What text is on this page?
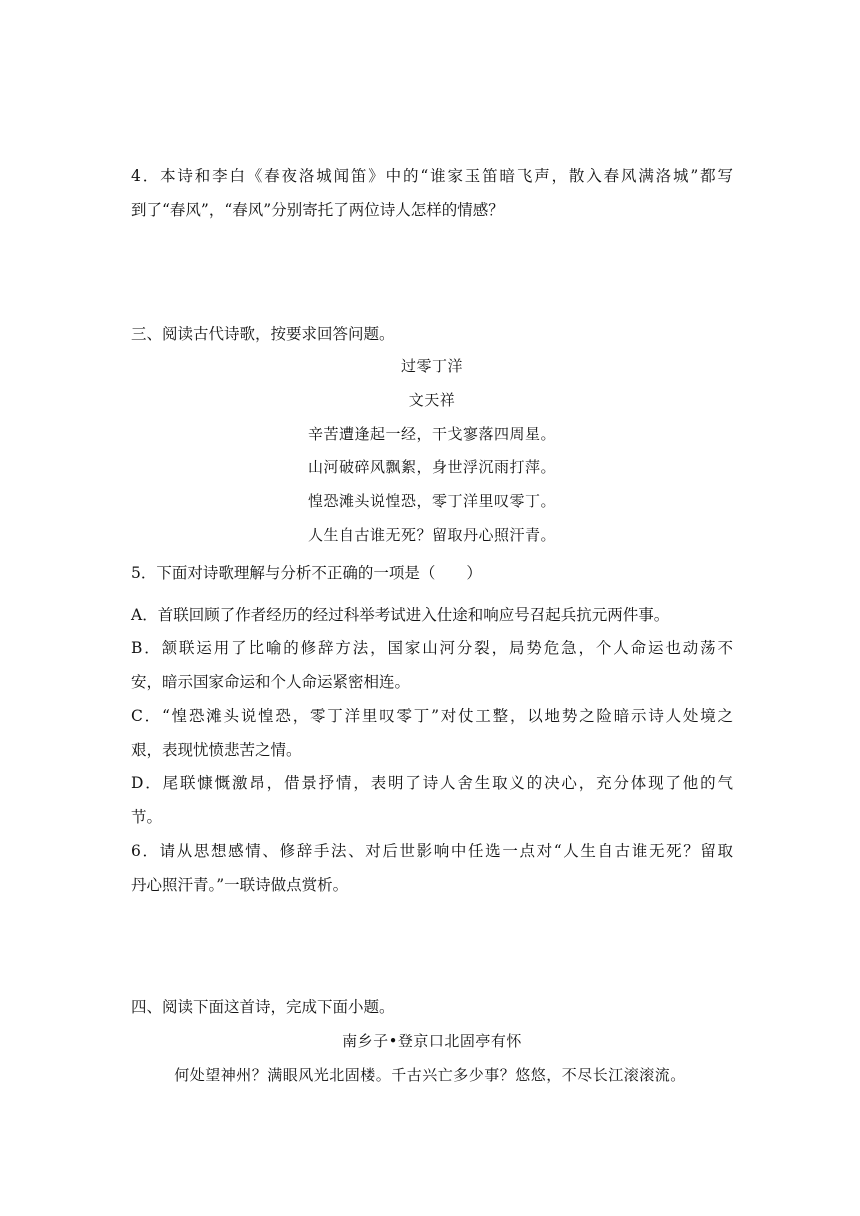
4．本诗和李白《春夜洛城闻笛》中的“谁家玉笛暗飞声，散入春风满洛城”都写
到了“春风”，“春风”分别寄托了两位诗人怎样的情感？
三、阅读古代诗歌，按要求回答问题。
过零丁洋
文天祥
辛苦遭逢起一经，干戈寥落四周星。
山河破碎风飘絮，身世浮沉雨打萍。
惶恐滩头说惶恐，零丁洋里叹零丁。
人生自古谁无死？留取丹心照汗青。
5．下面对诗歌理解与分析不正确的一项是（　　）
A．首联回顾了作者经历的经过科举考试进入仕途和响应号召起兵抗元两件事。
B．颔联运用了比喻的修辞方法，国家山河分裂，局势危急，个人命运也动荡不
安，暗示国家命运和个人命运紧密相连。
C．“惶恐滩头说惶恐，零丁洋里叹零丁”对仗工整，以地势之险暗示诗人处境之
艰，表现忧愤悲苦之情。
D．尾联慷慨激昂，借景抒情，表明了诗人舍生取义的决心，充分体现了他的气
节。
6．请从思想感情、修辞手法、对后世影响中任选一点对“人生自古谁无死？留取
丹心照汗青。”一联诗做点赏析。
四、阅读下面这首诗，完成下面小题。
南乡子•登京口北固亭有怀
何处望神州？满眼风光北固楼。千古兴亡多少事？悠悠，不尽长江滚滚流。
